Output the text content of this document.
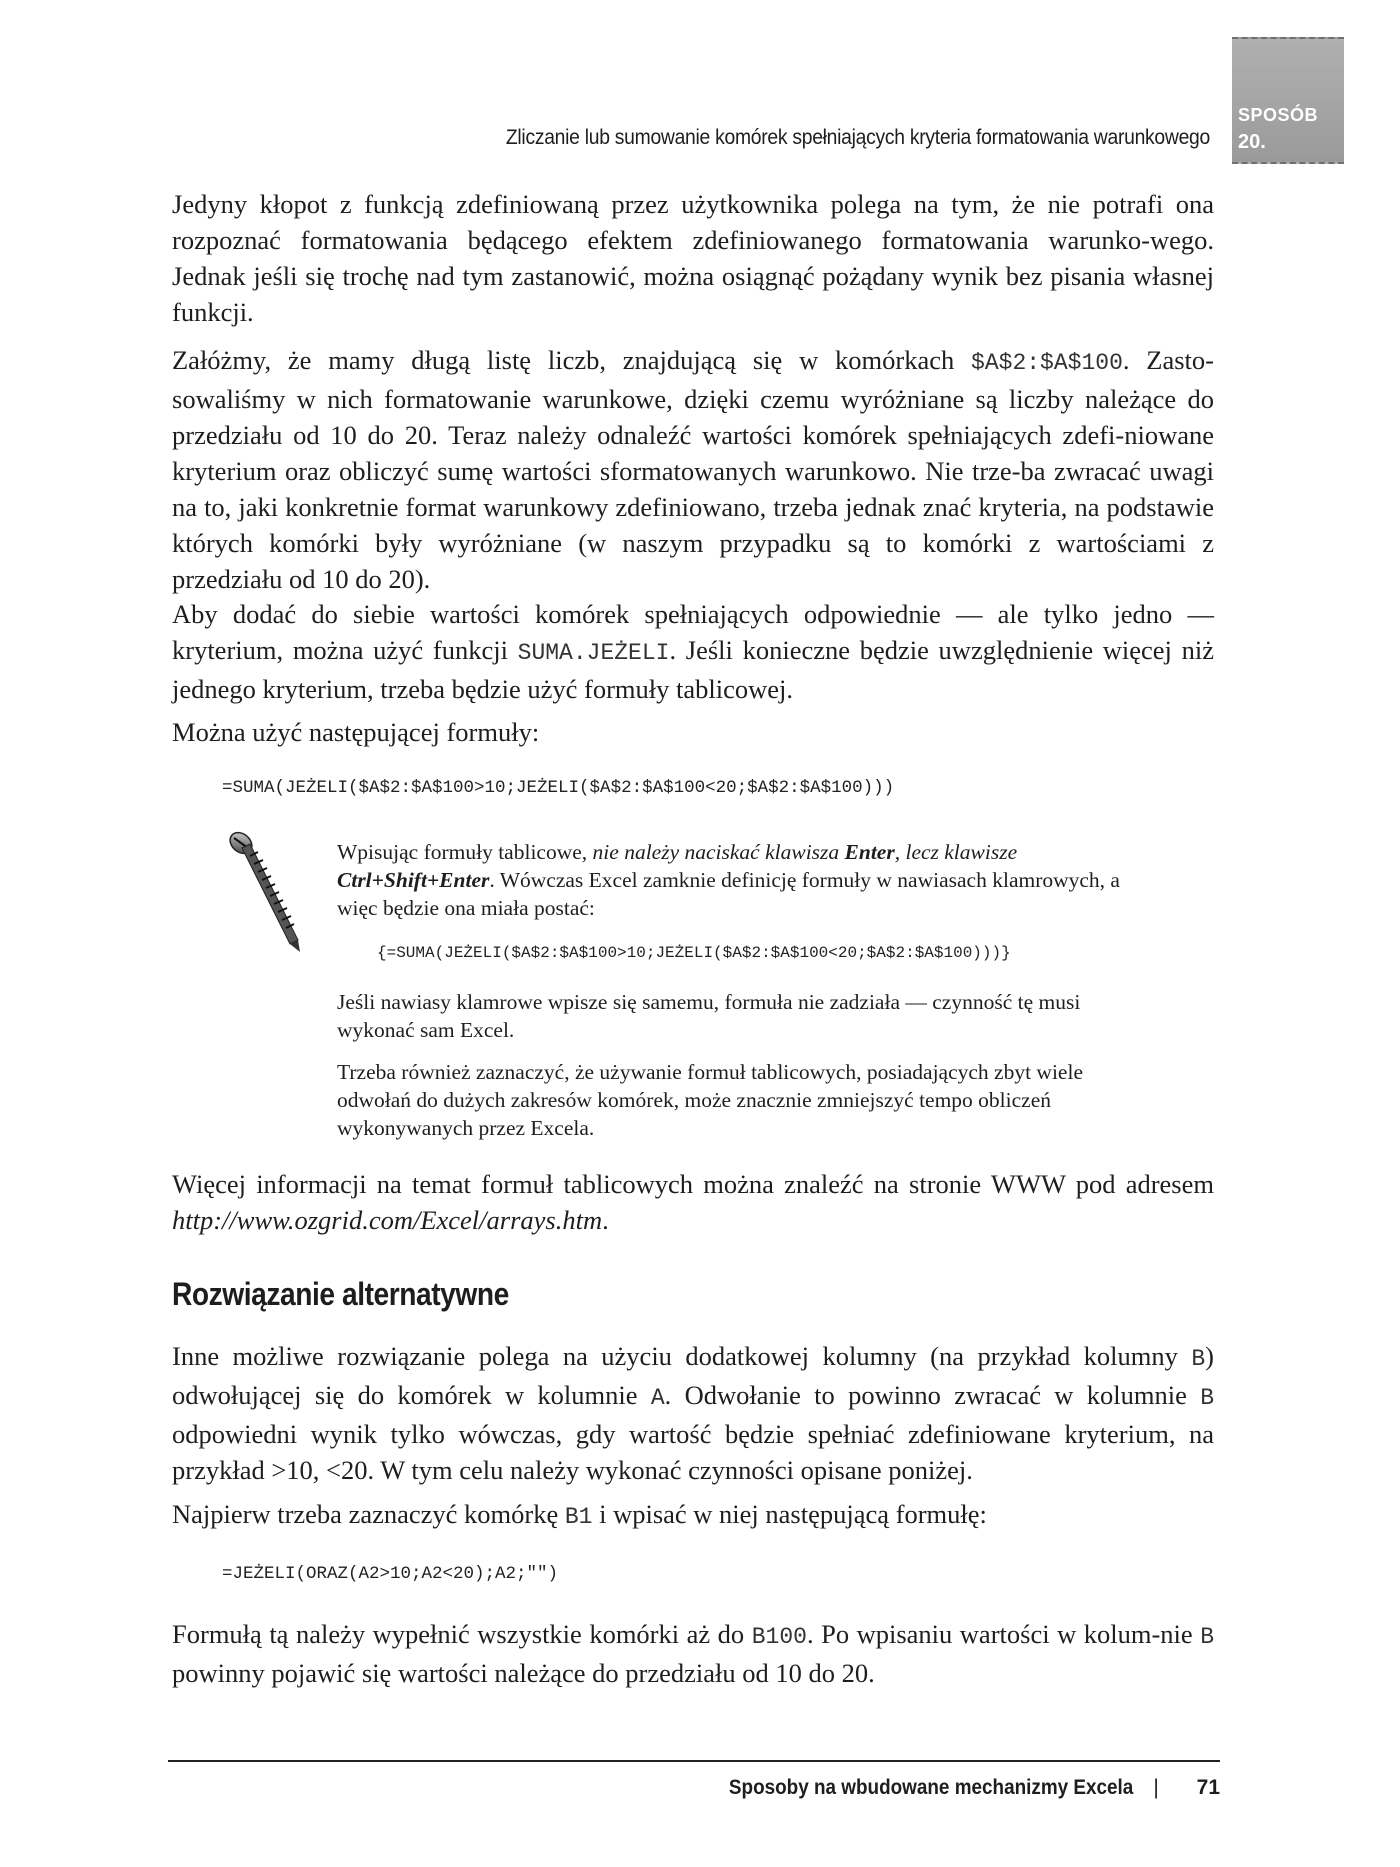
Zliczanie lub sumowanie komórek spełniających kryteria formatowania warunkowego
SPOSÓB
20.

Jedyny kłopot z funkcją zdefiniowaną przez użytkownika polega na tym, że nie potrafi ona rozpoznać formatowania będącego efektem zdefiniowanego formatowania warunko-wego. Jednak jeśli się trochę nad tym zastanowić, można osiągnąć pożądany wynik bez pisania własnej funkcji.

Załóżmy, że mamy długą listę liczb, znajdującą się w komórkach $A$2:$A$100. Zasto-sowaliśmy w nich formatowanie warunkowe, dzięki czemu wyróżniane są liczby należące do przedziału od 10 do 20. Teraz należy odnaleźć wartości komórek spełniających zdefi-niowane kryterium oraz obliczyć sumę wartości sformatowanych warunkowo. Nie trze-ba zwracać uwagi na to, jaki konkretnie format warunkowy zdefiniowano, trzeba jednak znać kryteria, na podstawie których komórki były wyróżniane (w naszym przypadku są to komórki z wartościami z przedziału od 10 do 20).

Aby dodać do siebie wartości komórek spełniających odpowiednie — ale tylko jedno — kryterium, można użyć funkcji SUMA.JEŻELI. Jeśli konieczne będzie uwzględnienie więcej niż jednego kryterium, trzeba będzie użyć formuły tablicowej.

Można użyć następującej formuły:

=SUMA(JEŻELI($A$2:$A$100>10;JEŻELI($A$2:$A$100<20;$A$2:$A$100)))

Wpisując formuły tablicowe, nie należy naciskać klawisza Enter, lecz klawisze Ctrl+Shift+Enter. Wówczas Excel zamknie definicję formuły w nawiasach klamrowych, a więc będzie ona miała postać:

{=SUMA(JEŻELI($A$2:$A$100>10;JEŻELI($A$2:$A$100<20;$A$2:$A$100)))}

Jeśli nawiasy klamrowe wpisze się samemu, formuła nie zadziała — czynność tę musi wykonać sam Excel.

Trzeba również zaznaczyć, że używanie formuł tablicowych, posiadających zbyt wiele odwołań do dużych zakresów komórek, może znacznie zmniejszyć tempo obliczeń wykonywanych przez Excela.

Więcej informacji na temat formuł tablicowych można znaleźć na stronie WWW pod adresem http://www.ozgrid.com/Excel/arrays.htm.

Rozwiązanie alternatywne

Inne możliwe rozwiązanie polega na użyciu dodatkowej kolumny (na przykład kolumny B) odwołującej się do komórek w kolumnie A. Odwołanie to powinno zwracać w kolumnie B odpowiedni wynik tylko wówczas, gdy wartość będzie spełniać zdefiniowane kryterium, na przykład >10, <20. W tym celu należy wykonać czynności opisane poniżej.

Najpierw trzeba zaznaczyć komórkę B1 i wpisać w niej następującą formułę:

=JEŻELI(ORAZ(A2>10;A2<20);A2;"")

Formułą tą należy wypełnić wszystkie komórki aż do B100. Po wpisaniu wartości w kolum-nie B powinny pojawić się wartości należące do przedziału od 10 do 20.

Sposoby na wbudowane mechanizmy Excela | 71
